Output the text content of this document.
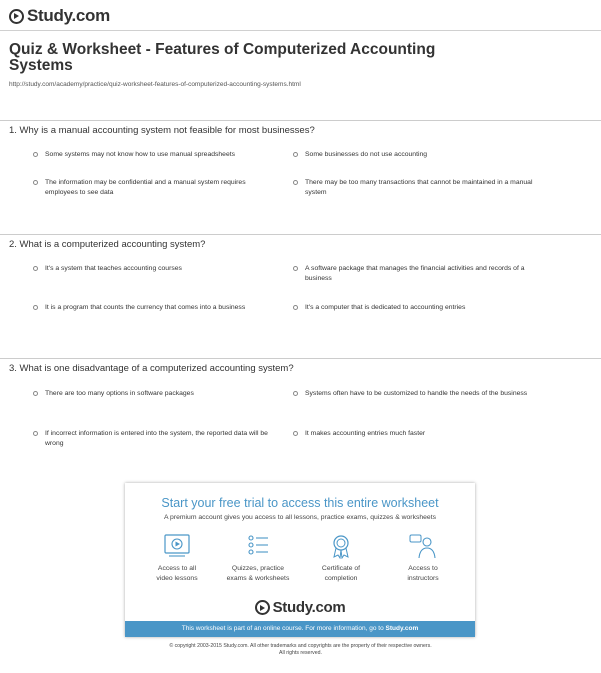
Study.com
Quiz & Worksheet - Features of Computerized Accounting Systems
http://study.com/academy/practice/quiz-worksheet-features-of-computerized-accounting-systems.html
1. Why is a manual accounting system not feasible for most businesses?
Some systems may not know how to use manual spreadsheets	Some businesses do not use accounting
The information may be confidential and a manual system requires employees to see data
There may be too many transactions that cannot be maintained in a manual system
2. What is a computerized accounting system?
It's a system that teaches accounting courses	A software package that manages the financial activities and records of a business
It is a program that counts the currency that comes into a business	It's a computer that is dedicated to accounting entries
3. What is one disadvantage of a computerized accounting system?
There are too many options in software packages	Systems often have to be customized to handle the needs of the business
If incorrect information is entered into the system, the reported data will be wrong
It makes accounting entries much faster
Start your free trial to access this entire worksheet
A premium account gives you access to all lessons, practice exams, quizzes & worksheets
Access to all
video lessons
Quizzes, practice
exams & worksheets
Certificate of
completion
Access to
instructors
Study.com
This worksheet is part of an online course. For more information, go to Study.com
© copyright 2003-2015 Study.com. All other trademarks and copyrights are the property of their respective owners.
All rights reserved.
